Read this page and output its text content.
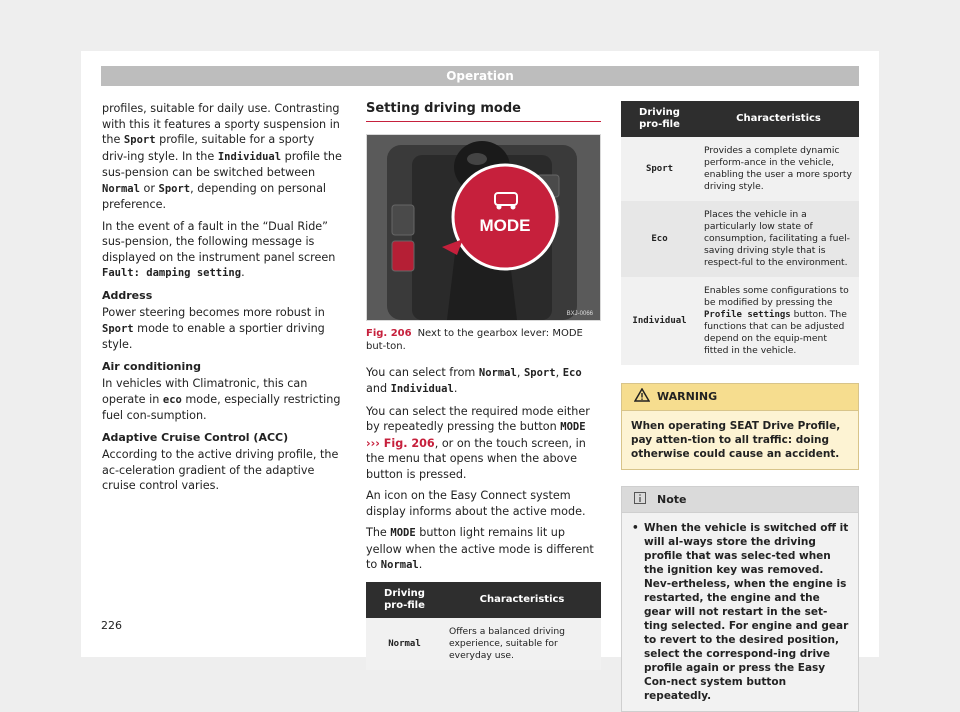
Operation

profiles, suitable for daily use. Contrasting with this it features a sporty suspension in the Sport profile, suitable for a sporty driv-ing style. In the Individual profile the sus-pension can be switched between Normal or Sport, depending on personal preference.

In the event of a fault in the “Dual Ride” sus-pension, the following message is displayed on the instrument panel screen Fault: damping setting.

Address

Power steering becomes more robust in Sport mode to enable a sportier driving style.

Air conditioning

In vehicles with Climatronic, this can operate in eco mode, especially restricting fuel con-sumption.

Adaptive Cruise Control (ACC)

According to the active driving profile, the ac-celeration gradient of the adaptive cruise control varies.

Setting driving mode
MODE
BXJ-0066
Fig. 206 Next to the gearbox lever: MODE but-ton.

You can select from Normal, Sport, Eco and Individual.

You can select the required mode either by repeatedly pressing the button MODE
››› Fig. 206, or on the touch screen, in the menu that opens when the above button is pressed.

An icon on the Easy Connect system display informs about the active mode.

The MODE button light remains lit up yellow when the active mode is different to Normal.

Driving pro-file	Characteristics
Normal	Offers a balanced driving experience, suitable for everyday use.
Driving pro-file	Characteristics
Sport	Provides a complete dynamic perform-ance in the vehicle, enabling the user a more sporty driving style.
Eco	Places the vehicle in a particularly low state of consumption, facilitating a fuel-saving driving style that is respect-ful to the environment.
Individual	Enables some configurations to be modified by pressing the Profile settings button. The functions that can be adjusted depend on the equip-ment fitted in the vehicle.
WARNING
When operating SEAT Drive Profile, pay atten-tion to all traffic: doing otherwise could cause an accident.
Note
• When the vehicle is switched off it will al-ways store the driving profile that was selec-ted when the ignition key was removed. Nev-ertheless, when the engine is restarted, the engine and the gear will not restart in the set-ting selected. For engine and gear to revert to the desired position, select the correspond-ing drive profile again or press the Easy Con-nect system button repeatedly.
226
